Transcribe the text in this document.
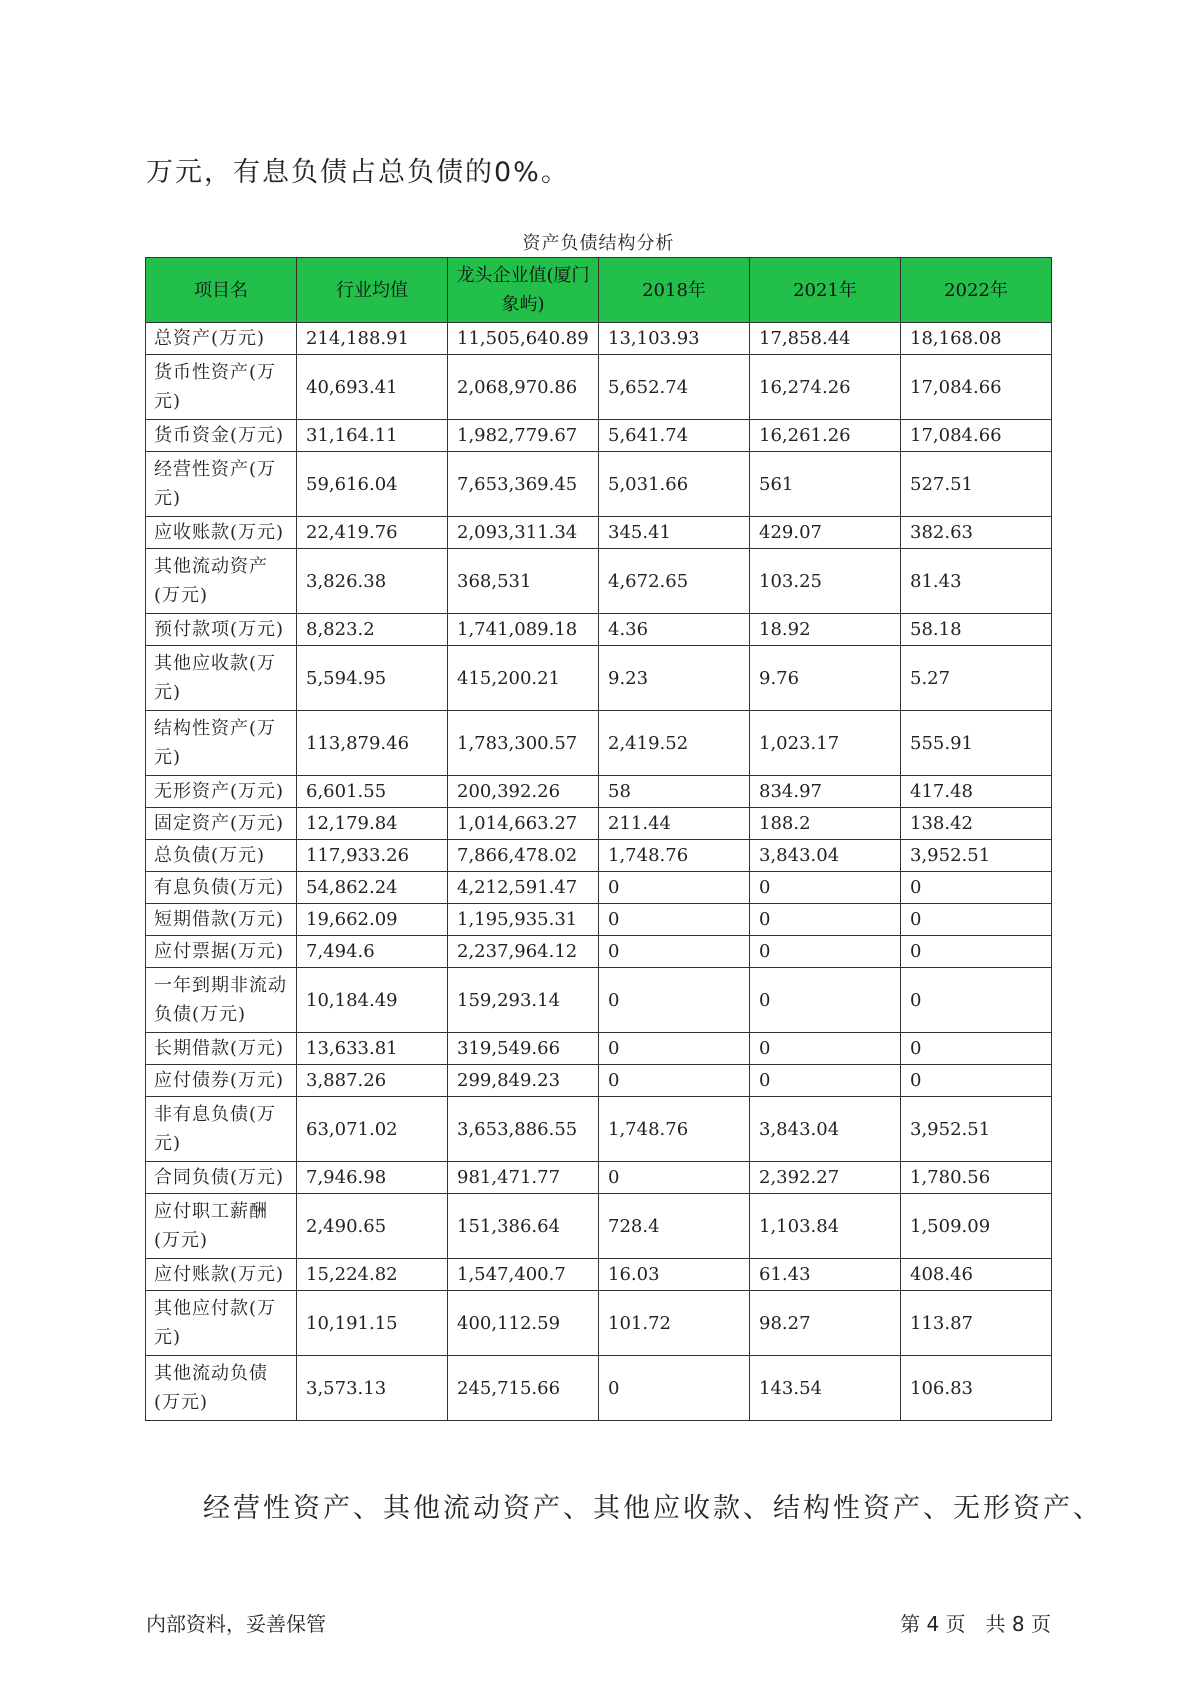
万元，有息负债占总负债的0%。
资产负债结构分析
项目名	行业均值	龙头企业值(厦门象屿)	2018年	2021年	2022年
总资产(万元)	214,188.91	11,505,640.89	13,103.93	17,858.44	18,168.08
货币性资产(万元)	40,693.41	2,068,970.86	5,652.74	16,274.26	17,084.66
货币资金(万元)	31,164.11	1,982,779.67	5,641.74	16,261.26	17,084.66
经营性资产(万元)	59,616.04	7,653,369.45	5,031.66	561	527.51
应收账款(万元)	22,419.76	2,093,311.34	345.41	429.07	382.63
其他流动资产(万元)	3,826.38	368,531	4,672.65	103.25	81.43
预付款项(万元)	8,823.2	1,741,089.18	4.36	18.92	58.18
其他应收款(万元)	5,594.95	415,200.21	9.23	9.76	5.27
结构性资产(万元)	113,879.46	1,783,300.57	2,419.52	1,023.17	555.91
无形资产(万元)	6,601.55	200,392.26	58	834.97	417.48
固定资产(万元)	12,179.84	1,014,663.27	211.44	188.2	138.42
总负债(万元)	117,933.26	7,866,478.02	1,748.76	3,843.04	3,952.51
有息负债(万元)	54,862.24	4,212,591.47	0	0	0
短期借款(万元)	19,662.09	1,195,935.31	0	0	0
应付票据(万元)	7,494.6	2,237,964.12	0	0	0
一年到期非流动负债(万元)	10,184.49	159,293.14	0	0	0
长期借款(万元)	13,633.81	319,549.66	0	0	0
应付债券(万元)	3,887.26	299,849.23	0	0	0
非有息负债(万元)	63,071.02	3,653,886.55	1,748.76	3,843.04	3,952.51
合同负债(万元)	7,946.98	981,471.77	0	2,392.27	1,780.56
应付职工薪酬(万元)	2,490.65	151,386.64	728.4	1,103.84	1,509.09
应付账款(万元)	15,224.82	1,547,400.7	16.03	61.43	408.46
其他应付款(万元)	10,191.15	400,112.59	101.72	98.27	113.87
其他流动负债(万元)	3,573.13	245,715.66	0	143.54	106.83
经营性资产、其他流动资产、其他应收款、结构性资产、无形资产、
内部资料，妥善保管	第 4 页　共 8 页
